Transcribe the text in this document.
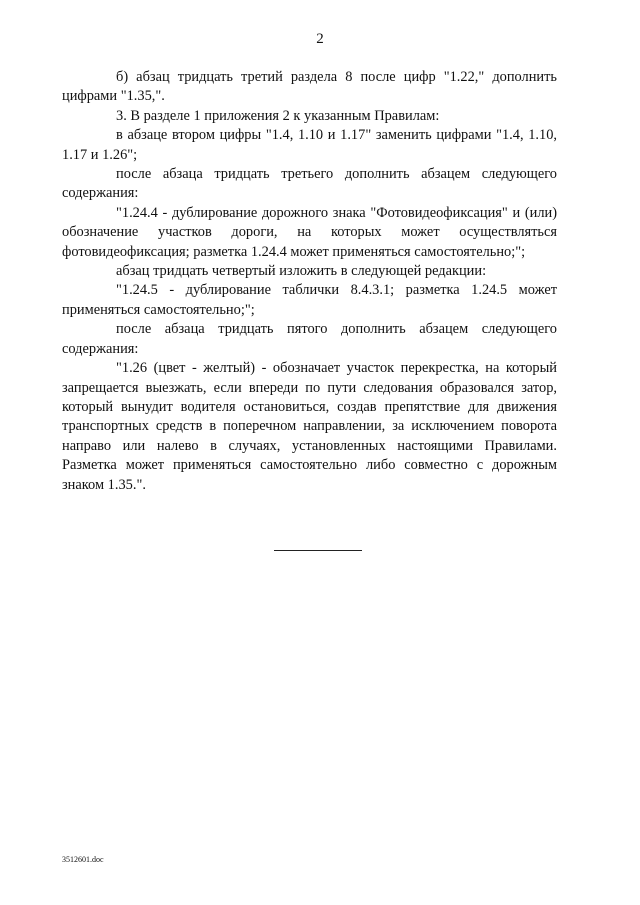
2

б) абзац тридцать третий раздела 8 после цифр "1.22," дополнить цифрами "1.35,".

3. В разделе 1 приложения 2 к указанным Правилам:

в абзаце втором цифры "1.4, 1.10 и 1.17" заменить цифрами "1.4, 1.10, 1.17 и 1.26";

после абзаца тридцать третьего дополнить абзацем следующего содержания:

"1.24.4 - дублирование дорожного знака "Фотовидеофиксация" и (или) обозначение участков дороги, на которых может осуществляться фотовидеофиксация; разметка 1.24.4 может применяться самостоятельно;";

абзац тридцать четвертый изложить в следующей редакции:

"1.24.5 - дублирование таблички 8.4.3.1; разметка 1.24.5 может применяться самостоятельно;";

после абзаца тридцать пятого дополнить абзацем следующего содержания:

"1.26 (цвет - желтый) - обозначает участок перекрестка, на который запрещается выезжать, если впереди по пути следования образовался затор, который вынудит водителя остановиться, создав препятствие для движения транспортных средств в поперечном направлении, за исключением поворота направо или налево в случаях, установленных настоящими Правилами. Разметка может применяться самостоятельно либо совместно с дорожным знаком 1.35.".

3512601.doc
